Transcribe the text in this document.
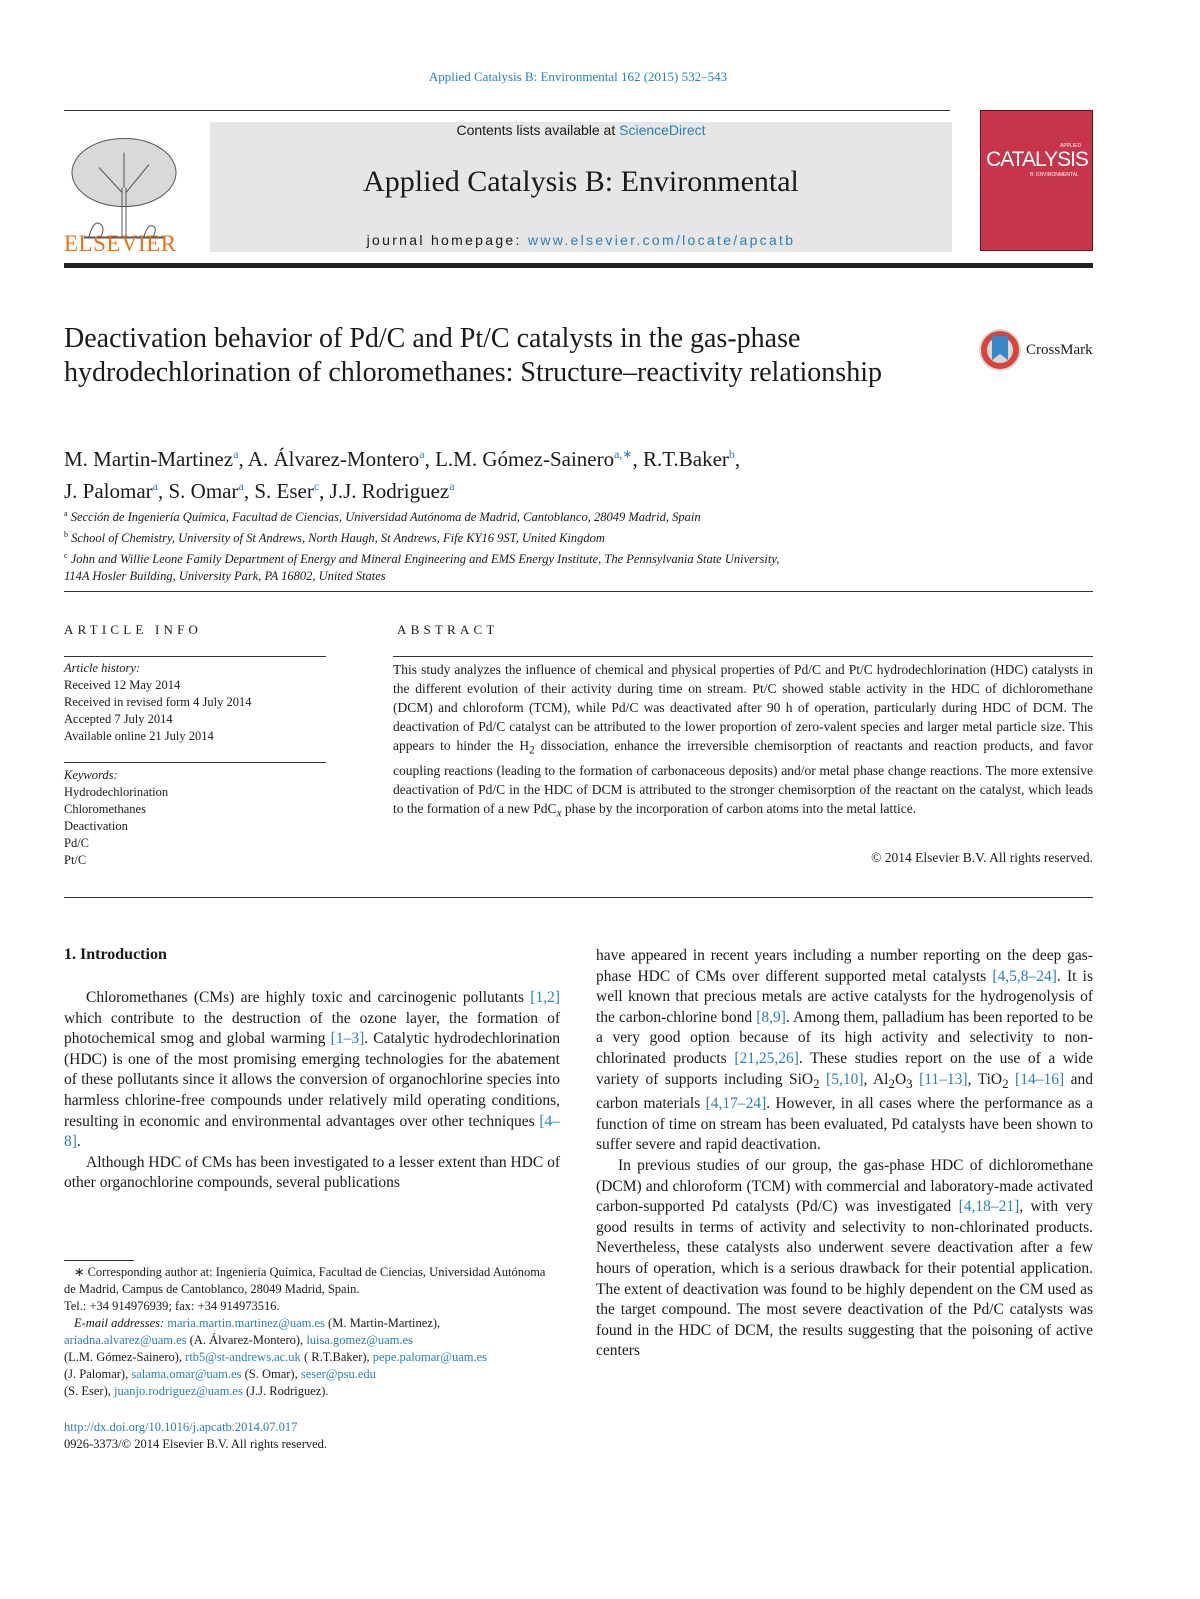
Applied Catalysis B: Environmental 162 (2015) 532–543
ELSEVIER
Contents lists available at ScienceDirect
Applied Catalysis B: Environmental
journal homepage: www.elsevier.com/locate/apcatb
APPLIED
CATALYSIS
B: ENVIRONMENTAL
Deactivation behavior of Pd/C and Pt/C catalysts in the gas-phase hydrodechlorination of chloromethanes: Structure–reactivity relationship
CrossMark
M. Martin-Martinez$^a$, A. Álvarez-Montero$^a$, L.M. Gómez-Sainero$^{a,∗}$, R.T.Baker$^b$,
J. Palomar$^a$, S. Omar$^a$, S. Eser$^c$, J.J. Rodriguez$^a$
$^a$ Sección de Ingeniería Química, Facultad de Ciencias, Universidad Autónoma de Madrid, Cantoblanco, 28049 Madrid, Spain
$^b$ School of Chemistry, University of St Andrews, North Haugh, St Andrews, Fife KY16 9ST, United Kingdom
$^c$ John and Willie Leone Family Department of Energy and Mineral Engineering and EMS Energy Institute, The Pennsylvania State University,
114A Hosler Building, University Park, PA 16802, United States
ARTICLE INFO	ABSTRACT
Article history:
Received 12 May 2014
Received in revised form 4 July 2014
Accepted 7 July 2014
Available online 21 July 2014
Keywords:
Hydrodechlorination
Chloromethanes
Deactivation
Pd/C
Pt/C
This study analyzes the influence of chemical and physical properties of Pd/C and Pt/C hydrodechlorination (HDC) catalysts in the different evolution of their activity during time on stream. Pt/C showed stable activity in the HDC of dichloromethane (DCM) and chloroform (TCM), while Pd/C was deactivated after 90 h of operation, particularly during HDC of DCM. The deactivation of Pd/C catalyst can be attributed to the lower proportion of zero-valent species and larger metal particle size. This appears to hinder the $H_2$ dissociation, enhance the irreversible chemisorption of reactants and reaction products, and favor coupling reactions (leading to the formation of carbonaceous deposits) and/or metal phase change reactions. The more extensive deactivation of Pd/C in the HDC of DCM is attributed to the stronger chemisorption of the reactant on the catalyst, which leads to the formation of a new PdC$_x$ phase by the incorporation of carbon atoms into the metal lattice.
© 2014 Elsevier B.V. All rights reserved.
1. Introduction

Chloromethanes (CMs) are highly toxic and carcinogenic pollutants [1,2] which contribute to the destruction of the ozone layer, the formation of photochemical smog and global warming [1–3]. Catalytic hydrodechlorination (HDC) is one of the most promising emerging technologies for the abatement of these pollutants since it allows the conversion of organochlorine species into harmless chlorine-free compounds under relatively mild operating conditions, resulting in economic and environmental advantages over other techniques [4–8].

Although HDC of CMs has been investigated to a lesser extent than HDC of other organochlorine compounds, several publications

have appeared in recent years including a number reporting on the deep gas-phase HDC of CMs over different supported metal catalysts [4,5,8–24]. It is well known that precious metals are active catalysts for the hydrogenolysis of the carbon-chlorine bond [8,9]. Among them, palladium has been reported to be a very good option because of its high activity and selectivity to non-chlorinated products [21,25,26]. These studies report on the use of a wide variety of supports including SiO$_2$ [5,10], $Al_2O_3$ [11–13], TiO$_2$ [14–16] and carbon materials [4,17–24]. However, in all cases where the performance as a function of time on stream has been evaluated, Pd catalysts have been shown to suffer severe and rapid deactivation.

In previous studies of our group, the gas-phase HDC of dichloromethane (DCM) and chloroform (TCM) with commercial and laboratory-made activated carbon-supported Pd catalysts (Pd/C) was investigated [4,18–21], with very good results in terms of activity and selectivity to non-chlorinated products. Nevertheless, these catalysts also underwent severe deactivation after a few hours of operation, which is a serious drawback for their potential application. The extent of deactivation was found to be highly dependent on the CM used as the target compound. The most severe deactivation of the Pd/C catalysts was found in the HDC of DCM, the results suggesting that the poisoning of active centers

∗ Corresponding author at: Ingeniería Química, Facultad de Ciencias, Universidad Autónoma de Madrid, Campus de Cantoblanco, 28049 Madrid, Spain.
Tel.: +34 914976939; fax: +34 914973516.
E-mail addresses: maria.martin.martinez@uam.es (M. Martin-Martinez),
ariadna.alvarez@uam.es (A. Álvarez-Montero), luisa.gomez@uam.es
(L.M. Gómez-Sainero), rtb5@st-andrews.ac.uk ( R.T.Baker), pepe.palomar@uam.es
(J. Palomar), salama.omar@uam.es (S. Omar), seser@psu.edu
(S. Eser), juanjo.rodriguez@uam.es (J.J. Rodriguez).
http://dx.doi.org/10.1016/j.apcatb.2014.07.017
0926-3373/© 2014 Elsevier B.V. All rights reserved.
